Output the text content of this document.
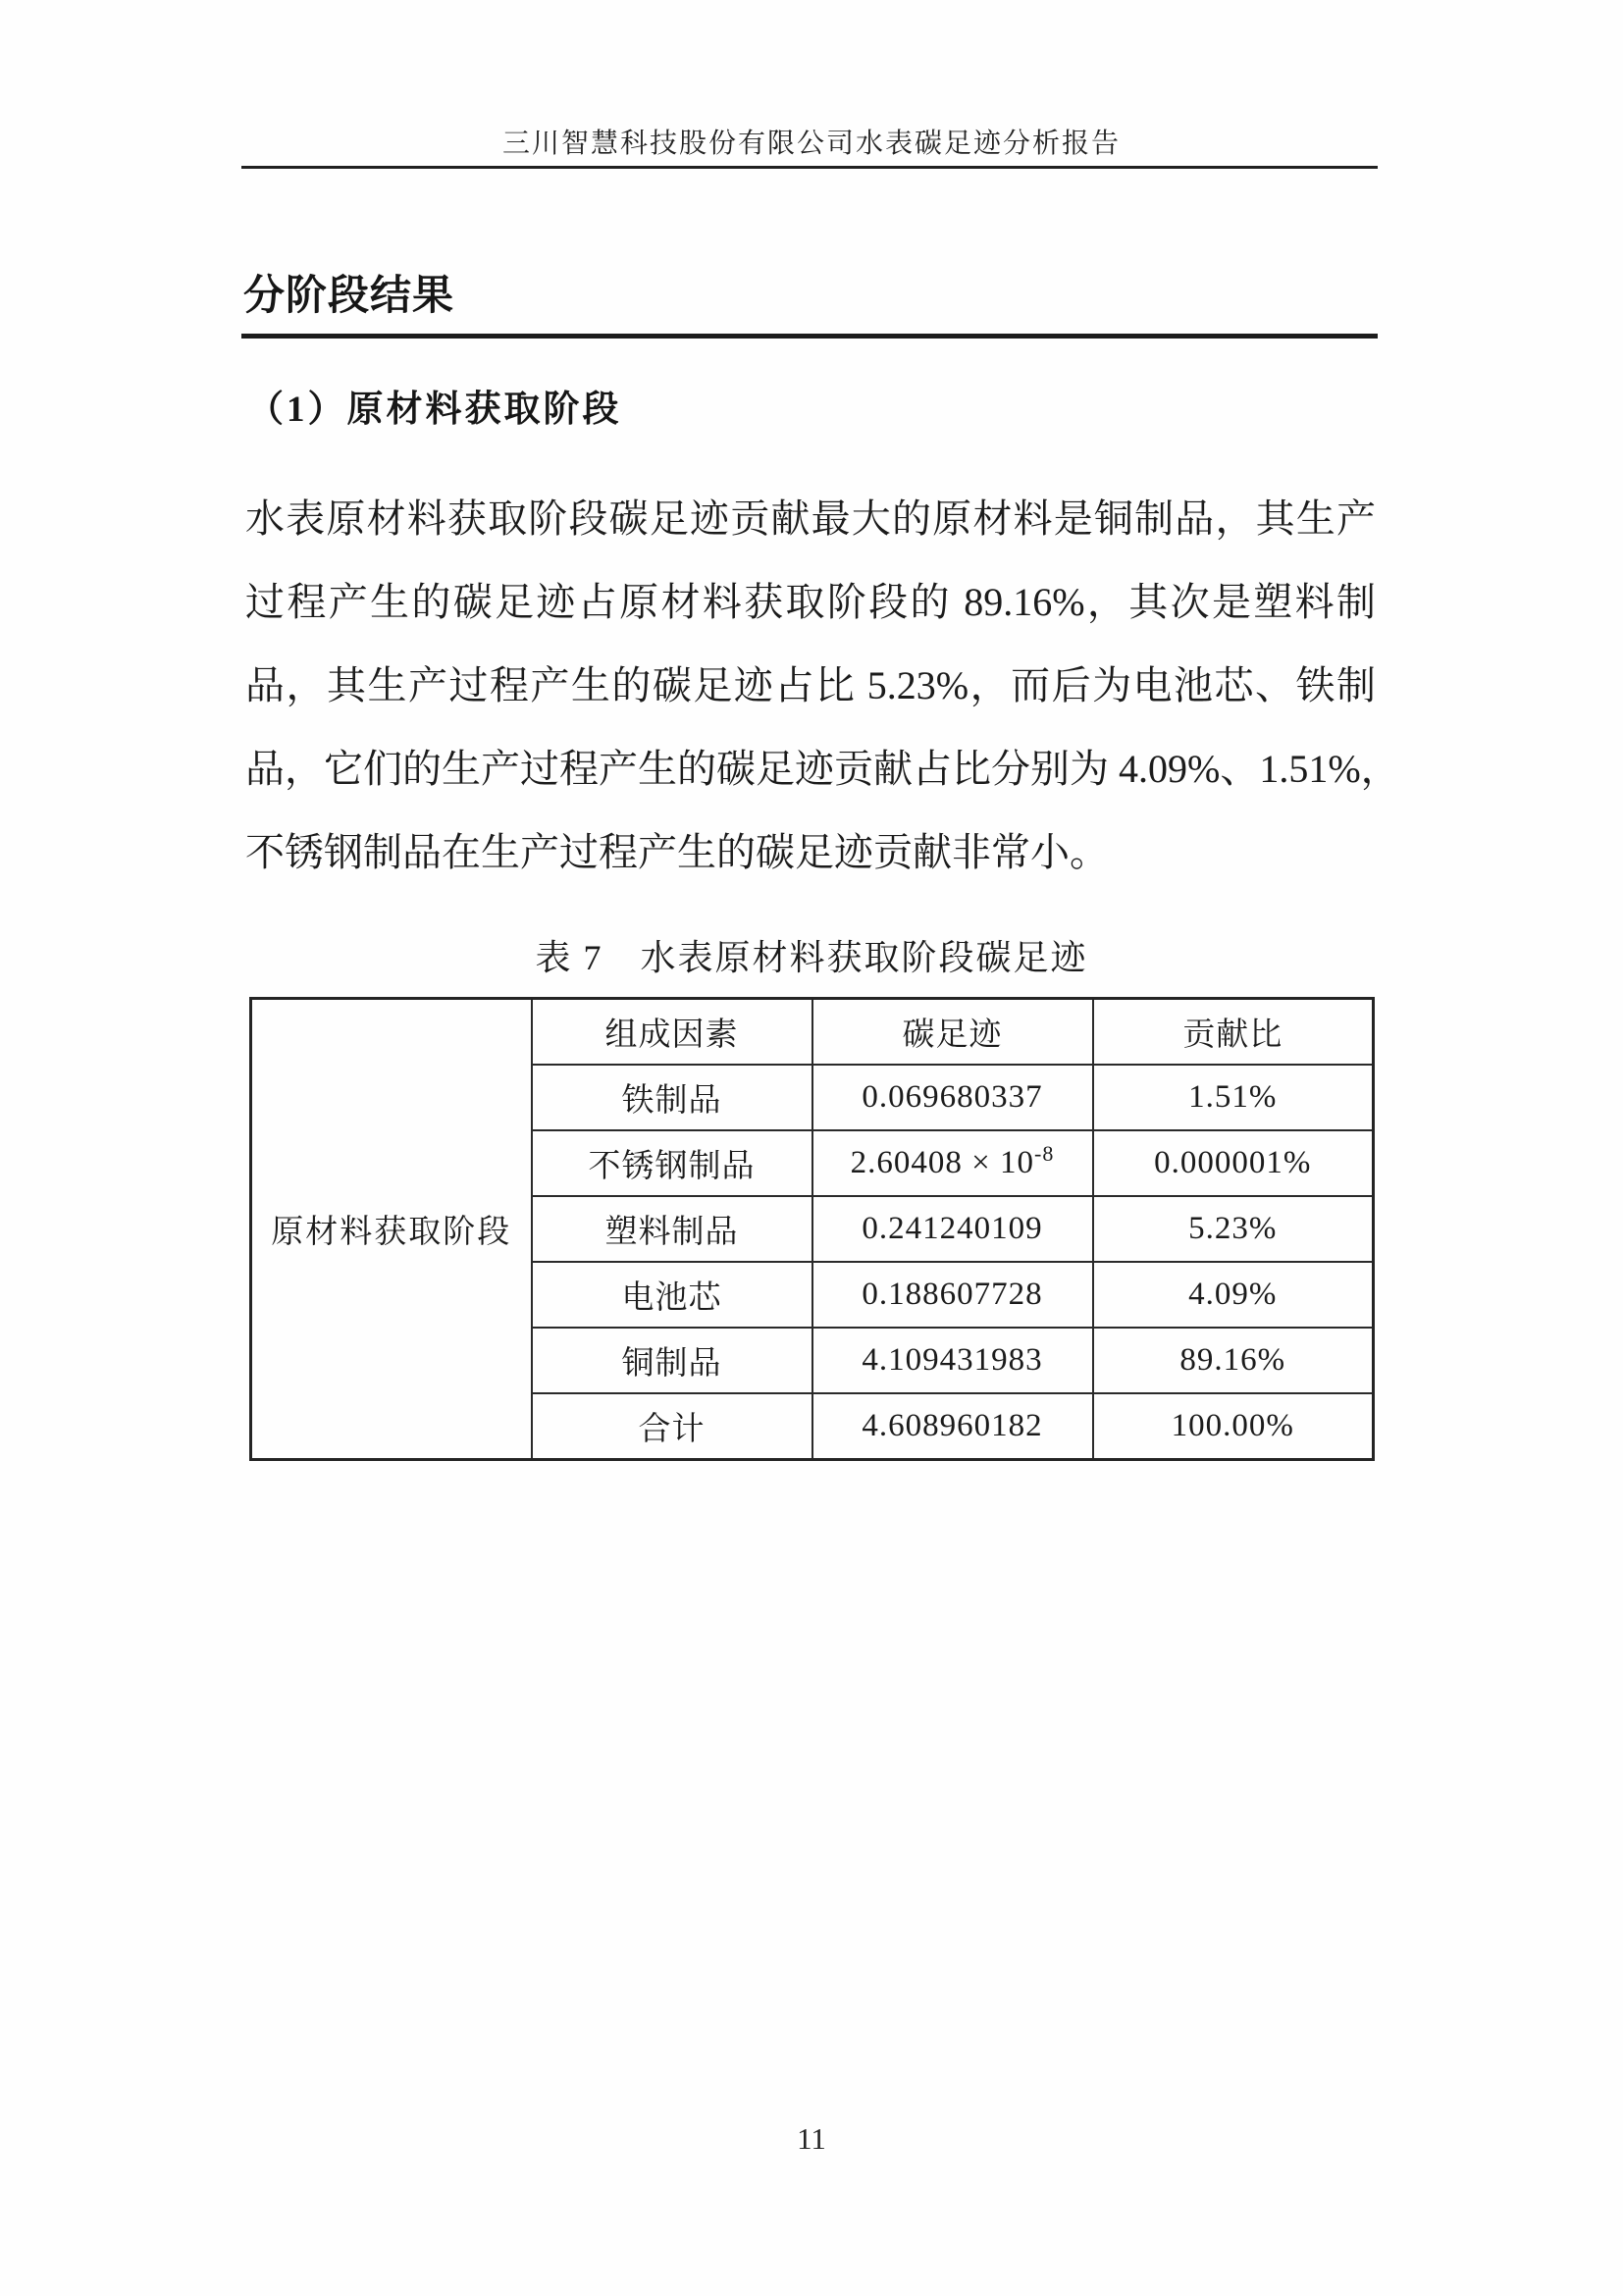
三川智慧科技股份有限公司水表碳足迹分析报告
分阶段结果
（1）原材料获取阶段
水表原材料获取阶段碳足迹贡献最大的原材料是铜制品，其生产
过程产生的碳足迹占原材料获取阶段的 89.16%，其次是塑料制
品，其生产过程产生的碳足迹占比 5.23%，而后为电池芯、铁制
品，它们的生产过程产生的碳足迹贡献占比分别为 4.09%、1.51%，
不锈钢制品在生产过程产生的碳足迹贡献非常小。
表 7　水表原材料获取阶段碳足迹
原材料获取阶段	组成因素	碳足迹	贡献比
	铁制品	0.069680337	1.51%
	不锈钢制品	$2.60408 \times 10^{-8}$	0.000001%
	塑料制品	0.241240109	5.23%
	电池芯	0.188607728	4.09%
	铜制品	4.109431983	89.16%
	合计	4.608960182	100.00%
11
